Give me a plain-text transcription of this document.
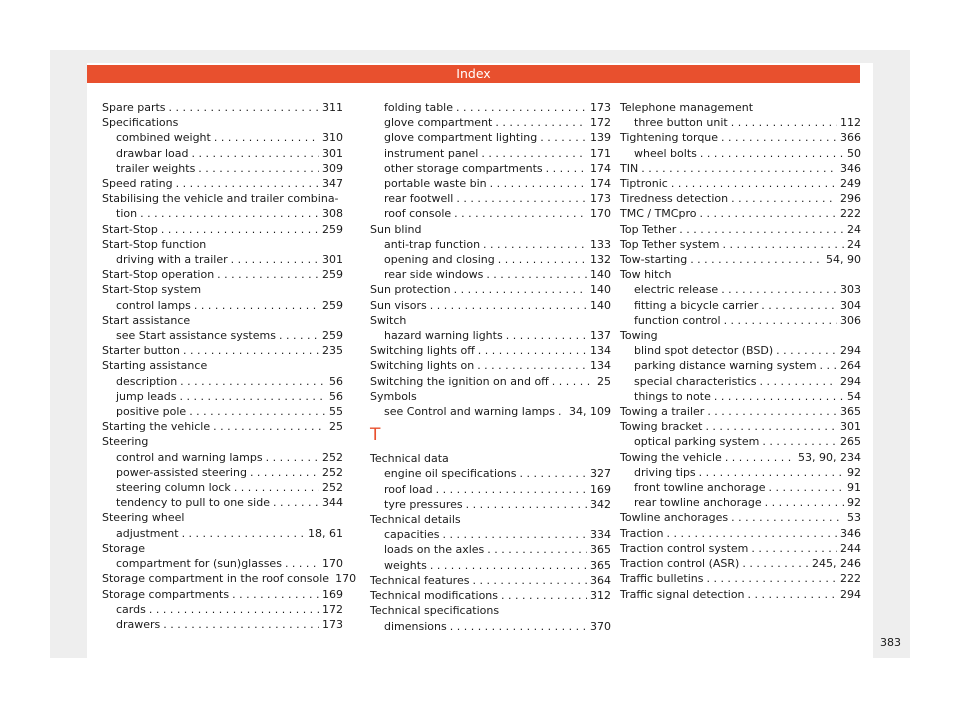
Index
Spare parts . . .	311
Specifications
combined weight . . .	310
drawbar load . . .	301
trailer weights . . .	309
Speed rating . . .	347
Stabilising the vehicle and trailer combina-
tion . . .	308
Start-Stop . . .	259
Start-Stop function
driving with a trailer . . .	301
Start-Stop operation . . .	259
Start-Stop system
control lamps . . .	259
Start assistance
see Start assistance systems . . .	259
Starter button . . .	235
Starting assistance
description . . .	56
jump leads . . .	56
positive pole . . .	55
Starting the vehicle . . .	25
Steering
control and warning lamps . . .	252
power-assisted steering . . .	252
steering column lock . . .	252
tendency to pull to one side . . .	344
Steering wheel
adjustment . . .	18, 61
Storage
compartment for (sun)glasses . . .	170
Storage compartment in the roof console 170
Storage compartments . . .	169
cards . . .	172
drawers . . .	173
folding table . . .	173
glove compartment . . .	172
glove compartment lighting . . .	139
instrument panel . . .	171
other storage compartments . . .	174
portable waste bin . . .	174
rear footwell . . .	173
roof console . . .	170
Sun blind
anti-trap function . . .	133
opening and closing . . .	132
rear side windows . . .	140
Sun protection . . .	140
Sun visors . . .	140
Switch
hazard warning lights . . .	137
Switching lights off . . .	134
Switching lights on . . .	134
Switching the ignition on and off . . .	25
Symbols
see Control and warning lamps . . . 34, 109
T
Technical data
engine oil specifications . . .	327
roof load . . .	169
tyre pressures . . .	342
Technical details
capacities . . .	334
loads on the axles . . .	365
weights . . .	365
Technical features . . .	364
Technical modifications . . .	312
Technical specifications
dimensions . . .	370
Telephone management
three button unit . . .	112
Tightening torque . . .	366
wheel bolts . . .	50
TIN . . .	346
Tiptronic . . .	249
Tiredness detection . . .	296
TMC / TMCpro . . .	222
Top Tether . . .	24
Top Tether system . . .	24
Tow-starting . . .	54, 90
Tow hitch
electric release . . .	303
fitting a bicycle carrier . . .	304
function control . . .	306
Towing
blind spot detector (BSD) . . .	294
parking distance warning system . . . 264
special characteristics . . .	294
things to note . . .	54
Towing a trailer . . .	365
Towing bracket . . .	301
optical parking system . . .	265
Towing the vehicle . . .	53, 90, 234
driving tips . . .	92
front towline anchorage . . .	91
rear towline anchorage . . .	92
Towline anchorages . . .	53
Traction . . .	346
Traction control system . . .	244
Traction control (ASR) . . .	245, 246
Traffic bulletins . . .	222
Traffic signal detection . . .	294
383
